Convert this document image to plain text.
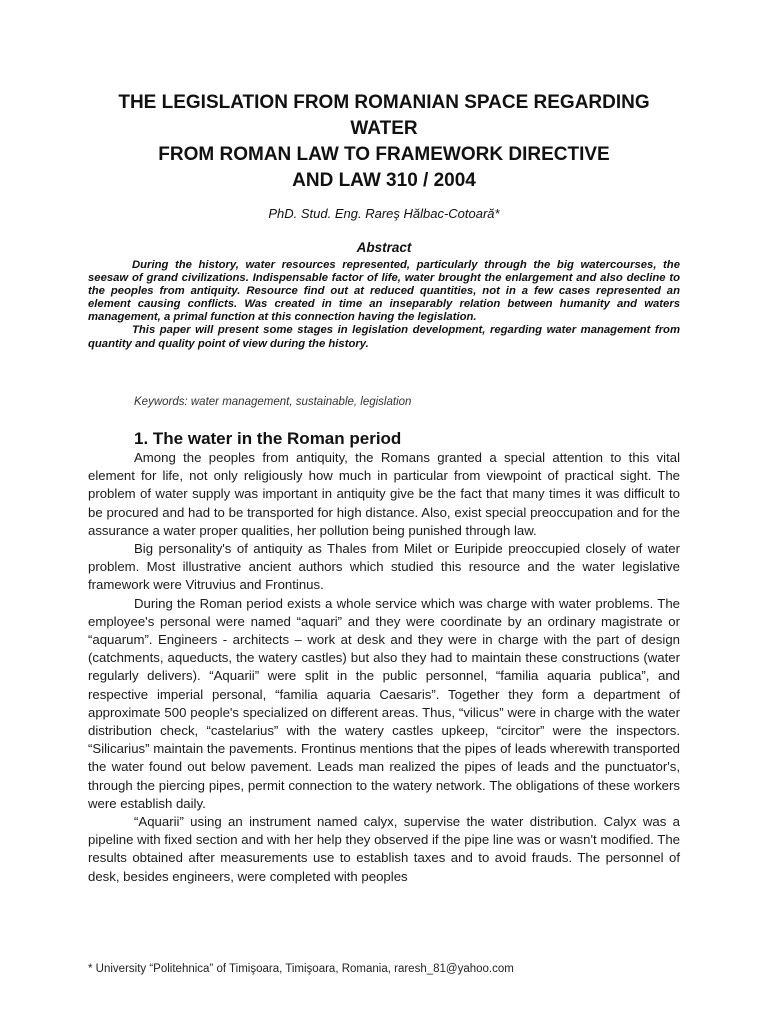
THE LEGISLATION FROM ROMANIAN SPACE REGARDING
WATER
FROM ROMAN LAW TO FRAMEWORK DIRECTIVE
AND LAW 310 / 2004
PhD. Stud. Eng. Rareş Hălbac-Cotoară*
Abstract

During the history, water resources represented, particularly through the big watercourses, the seesaw of grand civilizations. Indispensable factor of life, water brought the enlargement and also decline to the peoples from antiquity. Resource find out at reduced quantities, not in a few cases represented an element causing conflicts. Was created in time an inseparably relation between humanity and waters management, a primal function at this connection having the legislation.

This paper will present some stages in legislation development, regarding water management from quantity and quality point of view during the history.

Keywords: water management, sustainable, legislation
1. The water in the Roman period

Among the peoples from antiquity, the Romans granted a special attention to this vital element for life, not only religiously how much in particular from viewpoint of practical sight. The problem of water supply was important in antiquity give be the fact that many times it was difficult to be procured and had to be transported for high distance. Also, exist special preoccupation and for the assurance a water proper qualities, her pollution being punished through law.

Big personality's of antiquity as Thales from Milet or Euripide preoccupied closely of water problem. Most illustrative ancient authors which studied this resource and the water legislative framework were Vitruvius and Frontinus.

During the Roman period exists a whole service which was charge with water problems. The employee's personal were named “aquari” and they were coordinate by an ordinary magistrate or “aquarum”. Engineers - architects – work at desk and they were in charge with the part of design (catchments, aqueducts, the watery castles) but also they had to maintain these constructions (water regularly delivers). “Aquarii” were split in the public personnel, “familia aquaria publica”, and respective imperial personal, “familia aquaria Caesaris”. Together they form a department of approximate 500 people's specialized on different areas. Thus, “vilicus” were in charge with the water distribution check, “castelarius” with the watery castles upkeep, “circitor” were the inspectors. “Silicarius” maintain the pavements. Frontinus mentions that the pipes of leads wherewith transported the water found out below pavement. Leads man realized the pipes of leads and the punctuator's, through the piercing pipes, permit connection to the watery network. The obligations of these workers were establish daily.

“Aquarii” using an instrument named calyx, supervise the water distribution. Calyx was a pipeline with fixed section and with her help they observed if the pipe line was or wasn't modified. The results obtained after measurements use to establish taxes and to avoid frauds. The personnel of desk, besides engineers, were completed with peoples

* University “Politehnica” of Timişoara, Timişoara, Romania, raresh_81@yahoo.com
